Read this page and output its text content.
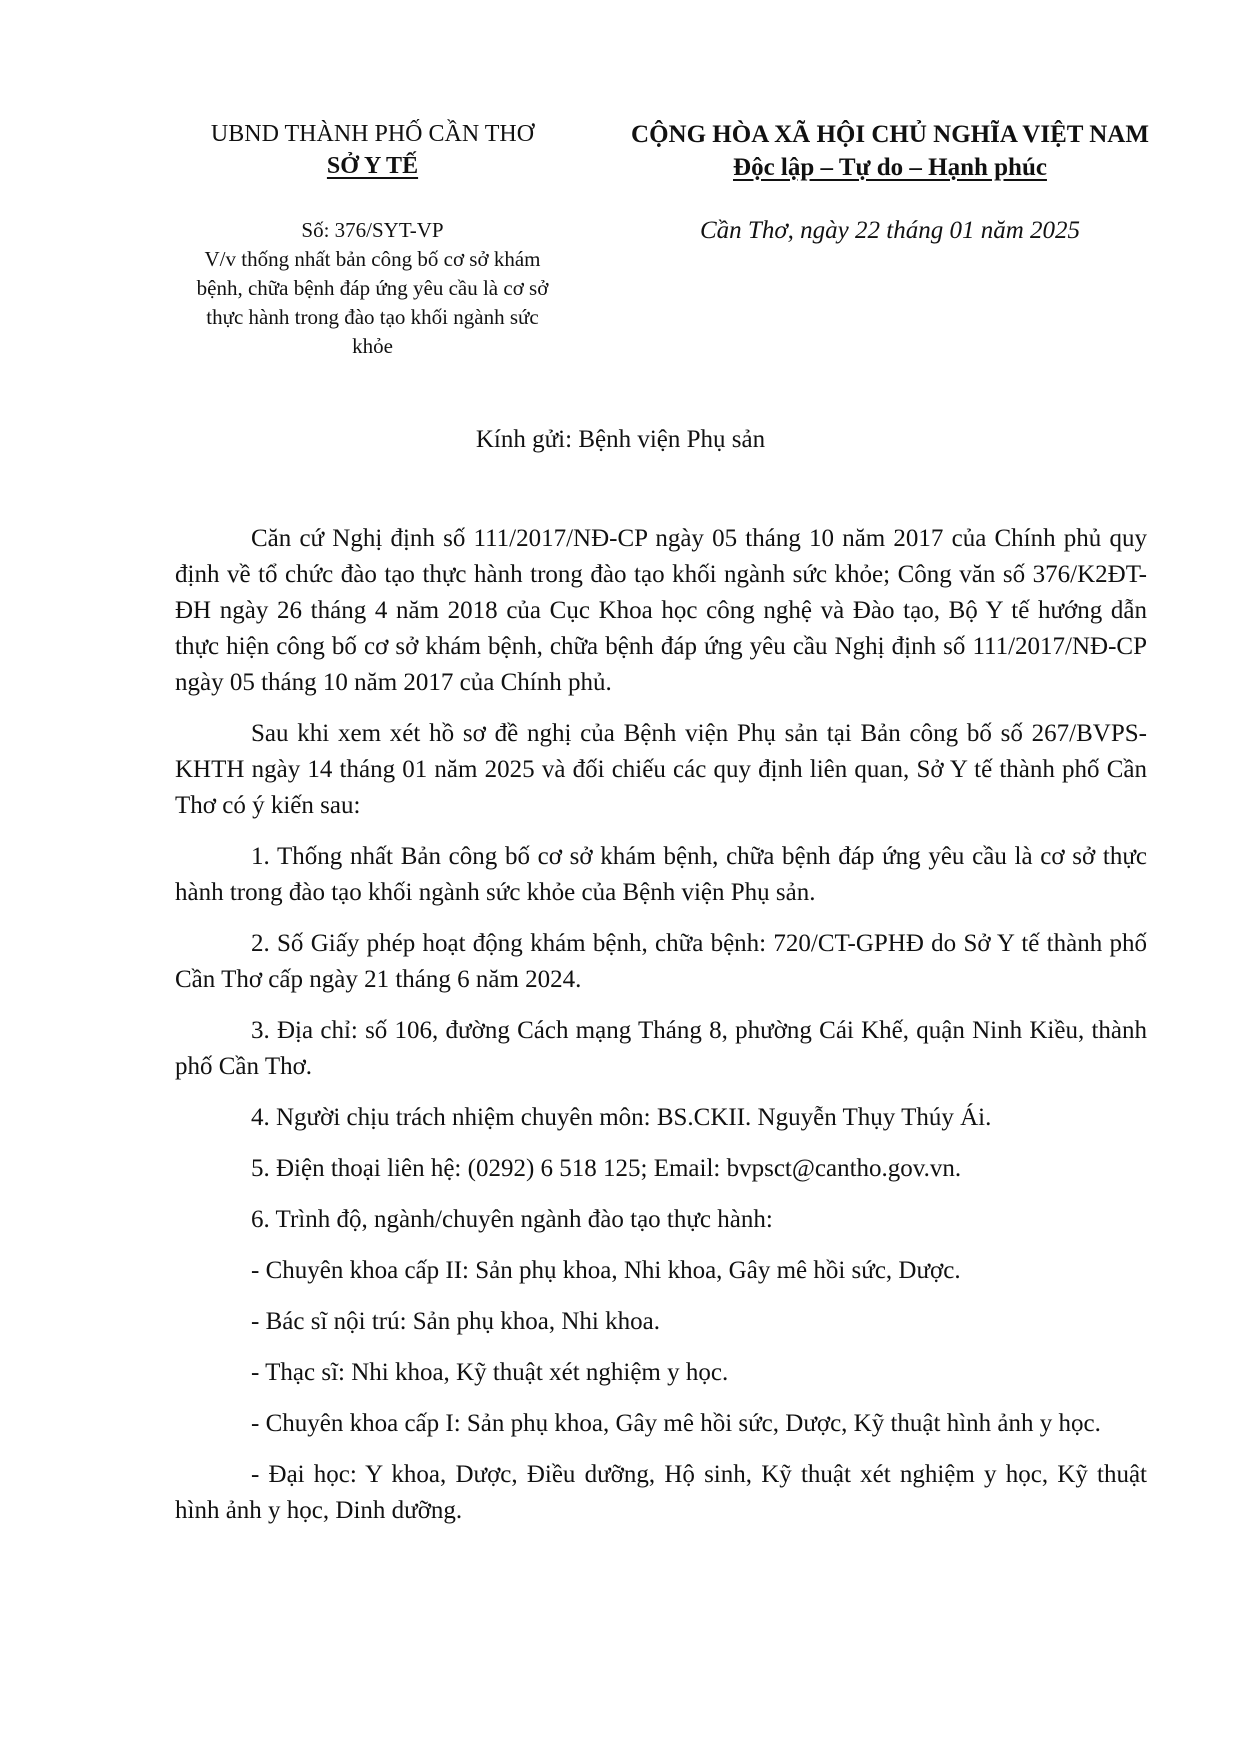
UBND THÀNH PHỐ CẦN THƠ
SỞ Y TẾ
CỘNG HÒA XÃ HỘI CHỦ NGHĨA VIỆT NAM
Độc lập – Tự do – Hạnh phúc
Số: 376/SYT-VP
V/v thống nhất bản công bố cơ sở khám bệnh, chữa bệnh đáp ứng yêu cầu là cơ sở thực hành trong đào tạo khối ngành sức khỏe
Cần Thơ, ngày 22 tháng 01 năm 2025
Kính gửi: Bệnh viện Phụ sản

Căn cứ Nghị định số 111/2017/NĐ-CP ngày 05 tháng 10 năm 2017 của Chính phủ quy định về tổ chức đào tạo thực hành trong đào tạo khối ngành sức khỏe; Công văn số 376/K2ĐT-ĐH ngày 26 tháng 4 năm 2018 của Cục Khoa học công nghệ và Đào tạo, Bộ Y tế hướng dẫn thực hiện công bố cơ sở khám bệnh, chữa bệnh đáp ứng yêu cầu Nghị định số 111/2017/NĐ-CP ngày 05 tháng 10 năm 2017 của Chính phủ.

Sau khi xem xét hồ sơ đề nghị của Bệnh viện Phụ sản tại Bản công bố số 267/BVPS-KHTH ngày 14 tháng 01 năm 2025 và đối chiếu các quy định liên quan, Sở Y tế thành phố Cần Thơ có ý kiến sau:

1. Thống nhất Bản công bố cơ sở khám bệnh, chữa bệnh đáp ứng yêu cầu là cơ sở thực hành trong đào tạo khối ngành sức khỏe của Bệnh viện Phụ sản.

2. Số Giấy phép hoạt động khám bệnh, chữa bệnh: 720/CT-GPHĐ do Sở Y tế thành phố Cần Thơ cấp ngày 21 tháng 6 năm 2024.

3. Địa chỉ: số 106, đường Cách mạng Tháng 8, phường Cái Khế, quận Ninh Kiều, thành phố Cần Thơ.

4. Người chịu trách nhiệm chuyên môn: BS.CKII. Nguyễn Thụy Thúy Ái.

5. Điện thoại liên hệ: (0292) 6 518 125; Email: bvpsct@cantho.gov.vn.

6. Trình độ, ngành/chuyên ngành đào tạo thực hành:

- Chuyên khoa cấp II: Sản phụ khoa, Nhi khoa, Gây mê hồi sức, Dược.

- Bác sĩ nội trú: Sản phụ khoa, Nhi khoa.

- Thạc sĩ: Nhi khoa, Kỹ thuật xét nghiệm y học.

- Chuyên khoa cấp I: Sản phụ khoa, Gây mê hồi sức, Dược, Kỹ thuật hình ảnh y học.

- Đại học: Y khoa, Dược, Điều dưỡng, Hộ sinh, Kỹ thuật xét nghiệm y học, Kỹ thuật hình ảnh y học, Dinh dưỡng.
